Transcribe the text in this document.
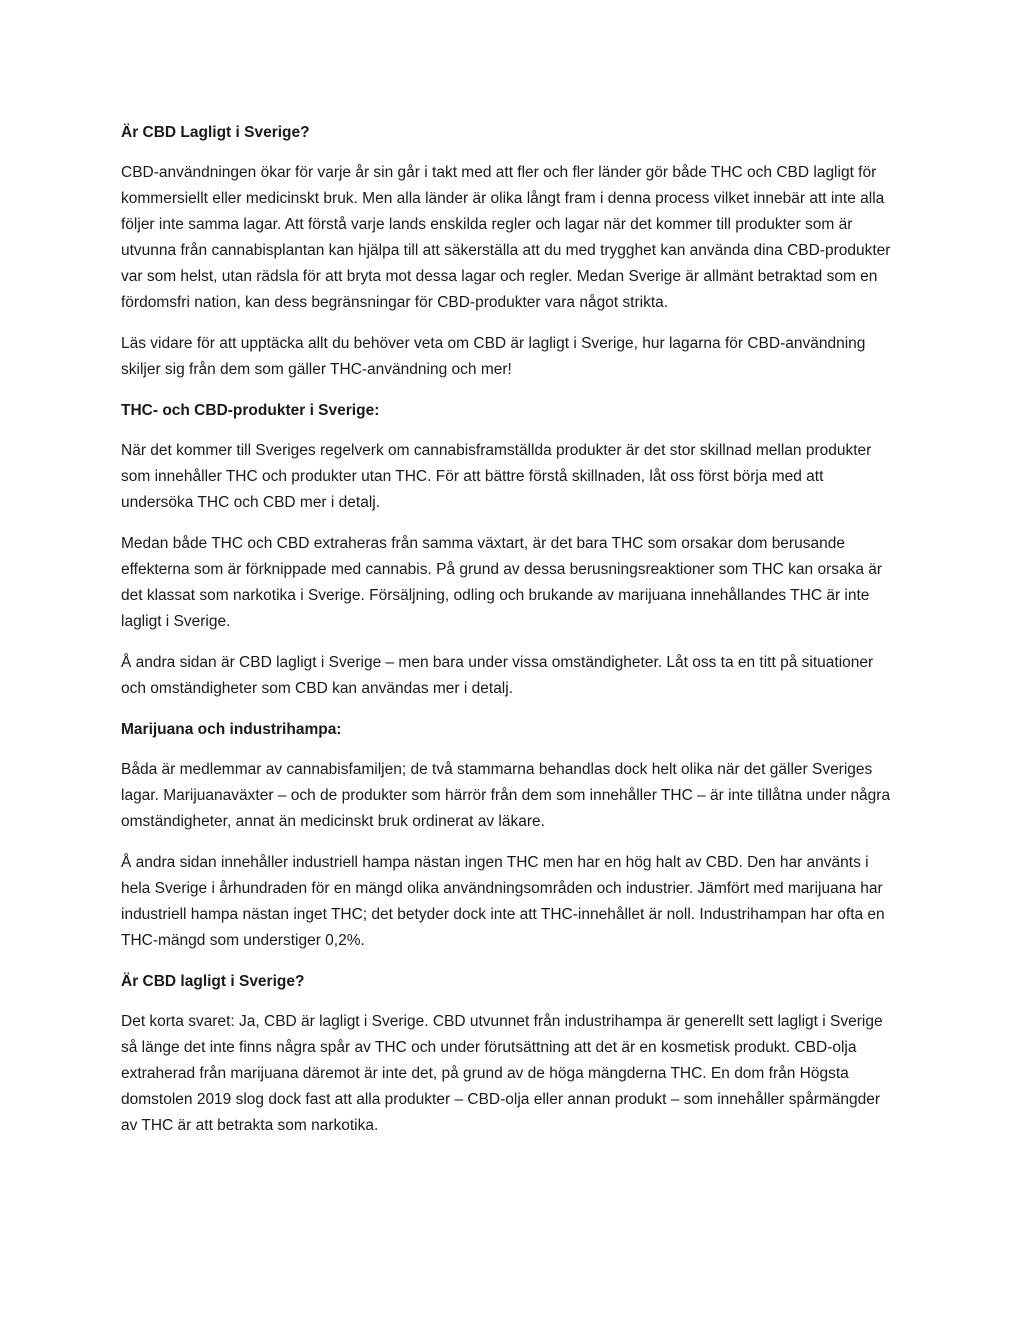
Är CBD Lagligt i Sverige?

CBD-användningen ökar för varje år sin går i takt med att fler och fler länder gör både THC och CBD lagligt för kommersiellt eller medicinskt bruk. Men alla länder är olika långt fram i denna process vilket innebär att inte alla följer inte samma lagar. Att förstå varje lands enskilda regler och lagar när det kommer till produkter som är utvunna från cannabisplantan kan hjälpa till att säkerställa att du med trygghet kan använda dina CBD-produkter var som helst, utan rädsla för att bryta mot dessa lagar och regler. Medan Sverige är allmänt betraktad som en fördomsfri nation, kan dess begränsningar för CBD-produkter vara något strikta.

Läs vidare för att upptäcka allt du behöver veta om CBD är lagligt i Sverige, hur lagarna för CBD-användning skiljer sig från dem som gäller THC-användning och mer!

THC- och CBD-produkter i Sverige:

När det kommer till Sveriges regelverk om cannabisframställda produkter är det stor skillnad mellan produkter som innehåller THC och produkter utan THC. För att bättre förstå skillnaden, låt oss först börja med att undersöka THC och CBD mer i detalj.

Medan både THC och CBD extraheras från samma växtart, är det bara THC som orsakar dom berusande effekterna som är förknippade med cannabis. På grund av dessa berusningsreaktioner som THC kan orsaka är det klassat som narkotika i Sverige. Försäljning, odling och brukande av marijuana innehållandes THC är inte lagligt i Sverige.

Å andra sidan är CBD lagligt i Sverige – men bara under vissa omständigheter. Låt oss ta en titt på situationer och omständigheter som CBD kan användas mer i detalj.

Marijuana och industrihampa:

Båda är medlemmar av cannabisfamiljen; de två stammarna behandlas dock helt olika när det gäller Sveriges lagar. Marijuanaväxter – och de produkter som härrör från dem som innehåller THC – är inte tillåtna under några omständigheter, annat än medicinskt bruk ordinerat av läkare.

Å andra sidan innehåller industriell hampa nästan ingen THC men har en hög halt av CBD. Den har använts i hela Sverige i århundraden för en mängd olika användningsområden och industrier. Jämfört med marijuana har industriell hampa nästan inget THC; det betyder dock inte att THC-innehållet är noll. Industrihampan har ofta en THC-mängd som understiger 0,2%.

Är CBD lagligt i Sverige?

Det korta svaret: Ja, CBD är lagligt i Sverige. CBD utvunnet från industrihampa är generellt sett lagligt i Sverige så länge det inte finns några spår av THC och under förutsättning att det är en kosmetisk produkt. CBD-olja extraherad från marijuana däremot är inte det, på grund av de höga mängderna THC. En dom från Högsta domstolen 2019 slog dock fast att alla produkter – CBD-olja eller annan produkt – som innehåller spårmängder av THC är att betrakta som narkotika.
